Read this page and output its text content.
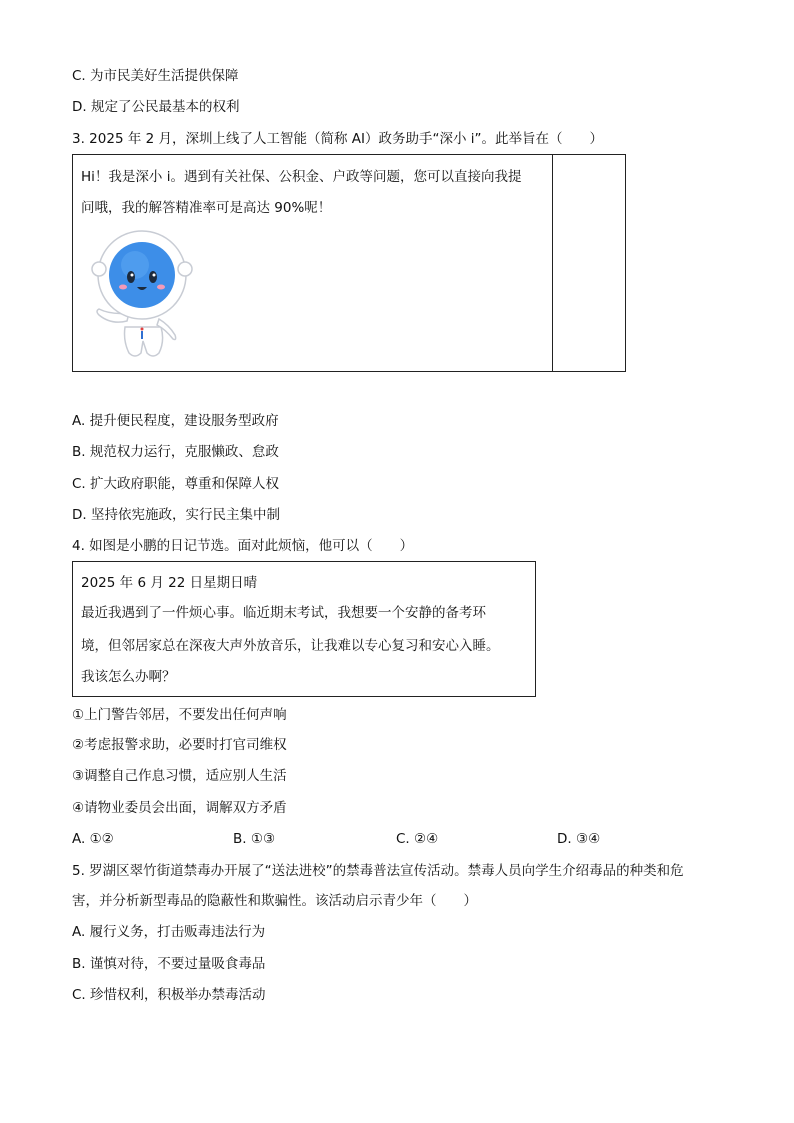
C. 为市民美好生活提供保障
D. 规定了公民最基本的权利
3. 2025 年 2 月，深圳上线了人工智能（简称 AI）政务助手“深小 i”。此举旨在（　　）
Hi！我是深小 i。遇到有关社保、公积金、户政等问题，您可以直接向我提
问哦，我的解答精准率可是高达 90%呢！
A. 提升便民程度，建设服务型政府
B. 规范权力运行，克服懒政、怠政
C. 扩大政府职能，尊重和保障人权
D. 坚持依宪施政，实行民主集中制
4. 如图是小鹏的日记节选。面对此烦恼，他可以（　　）
2025 年 6 月 22 日星期日晴
最近我遇到了一件烦心事。临近期末考试，我想要一个安静的备考环
境，但邻居家总在深夜大声外放音乐，让我难以专心复习和安心入睡。
我该怎么办啊？
①上门警告邻居，不要发出任何声响
②考虑报警求助，必要时打官司维权
③调整自己作息习惯，适应别人生活
④请物业委员会出面，调解双方矛盾
A. ①②	B. ①③	C. ②④	D. ③④
5. 罗湖区翠竹街道禁毒办开展了“送法进校”的禁毒普法宣传活动。禁毒人员向学生介绍毒品的种类和危
害，并分析新型毒品的隐蔽性和欺骗性。该活动启示青少年（　　）
A. 履行义务，打击贩毒违法行为
B. 谨慎对待，不要过量吸食毒品
C. 珍惜权利，积极举办禁毒活动
